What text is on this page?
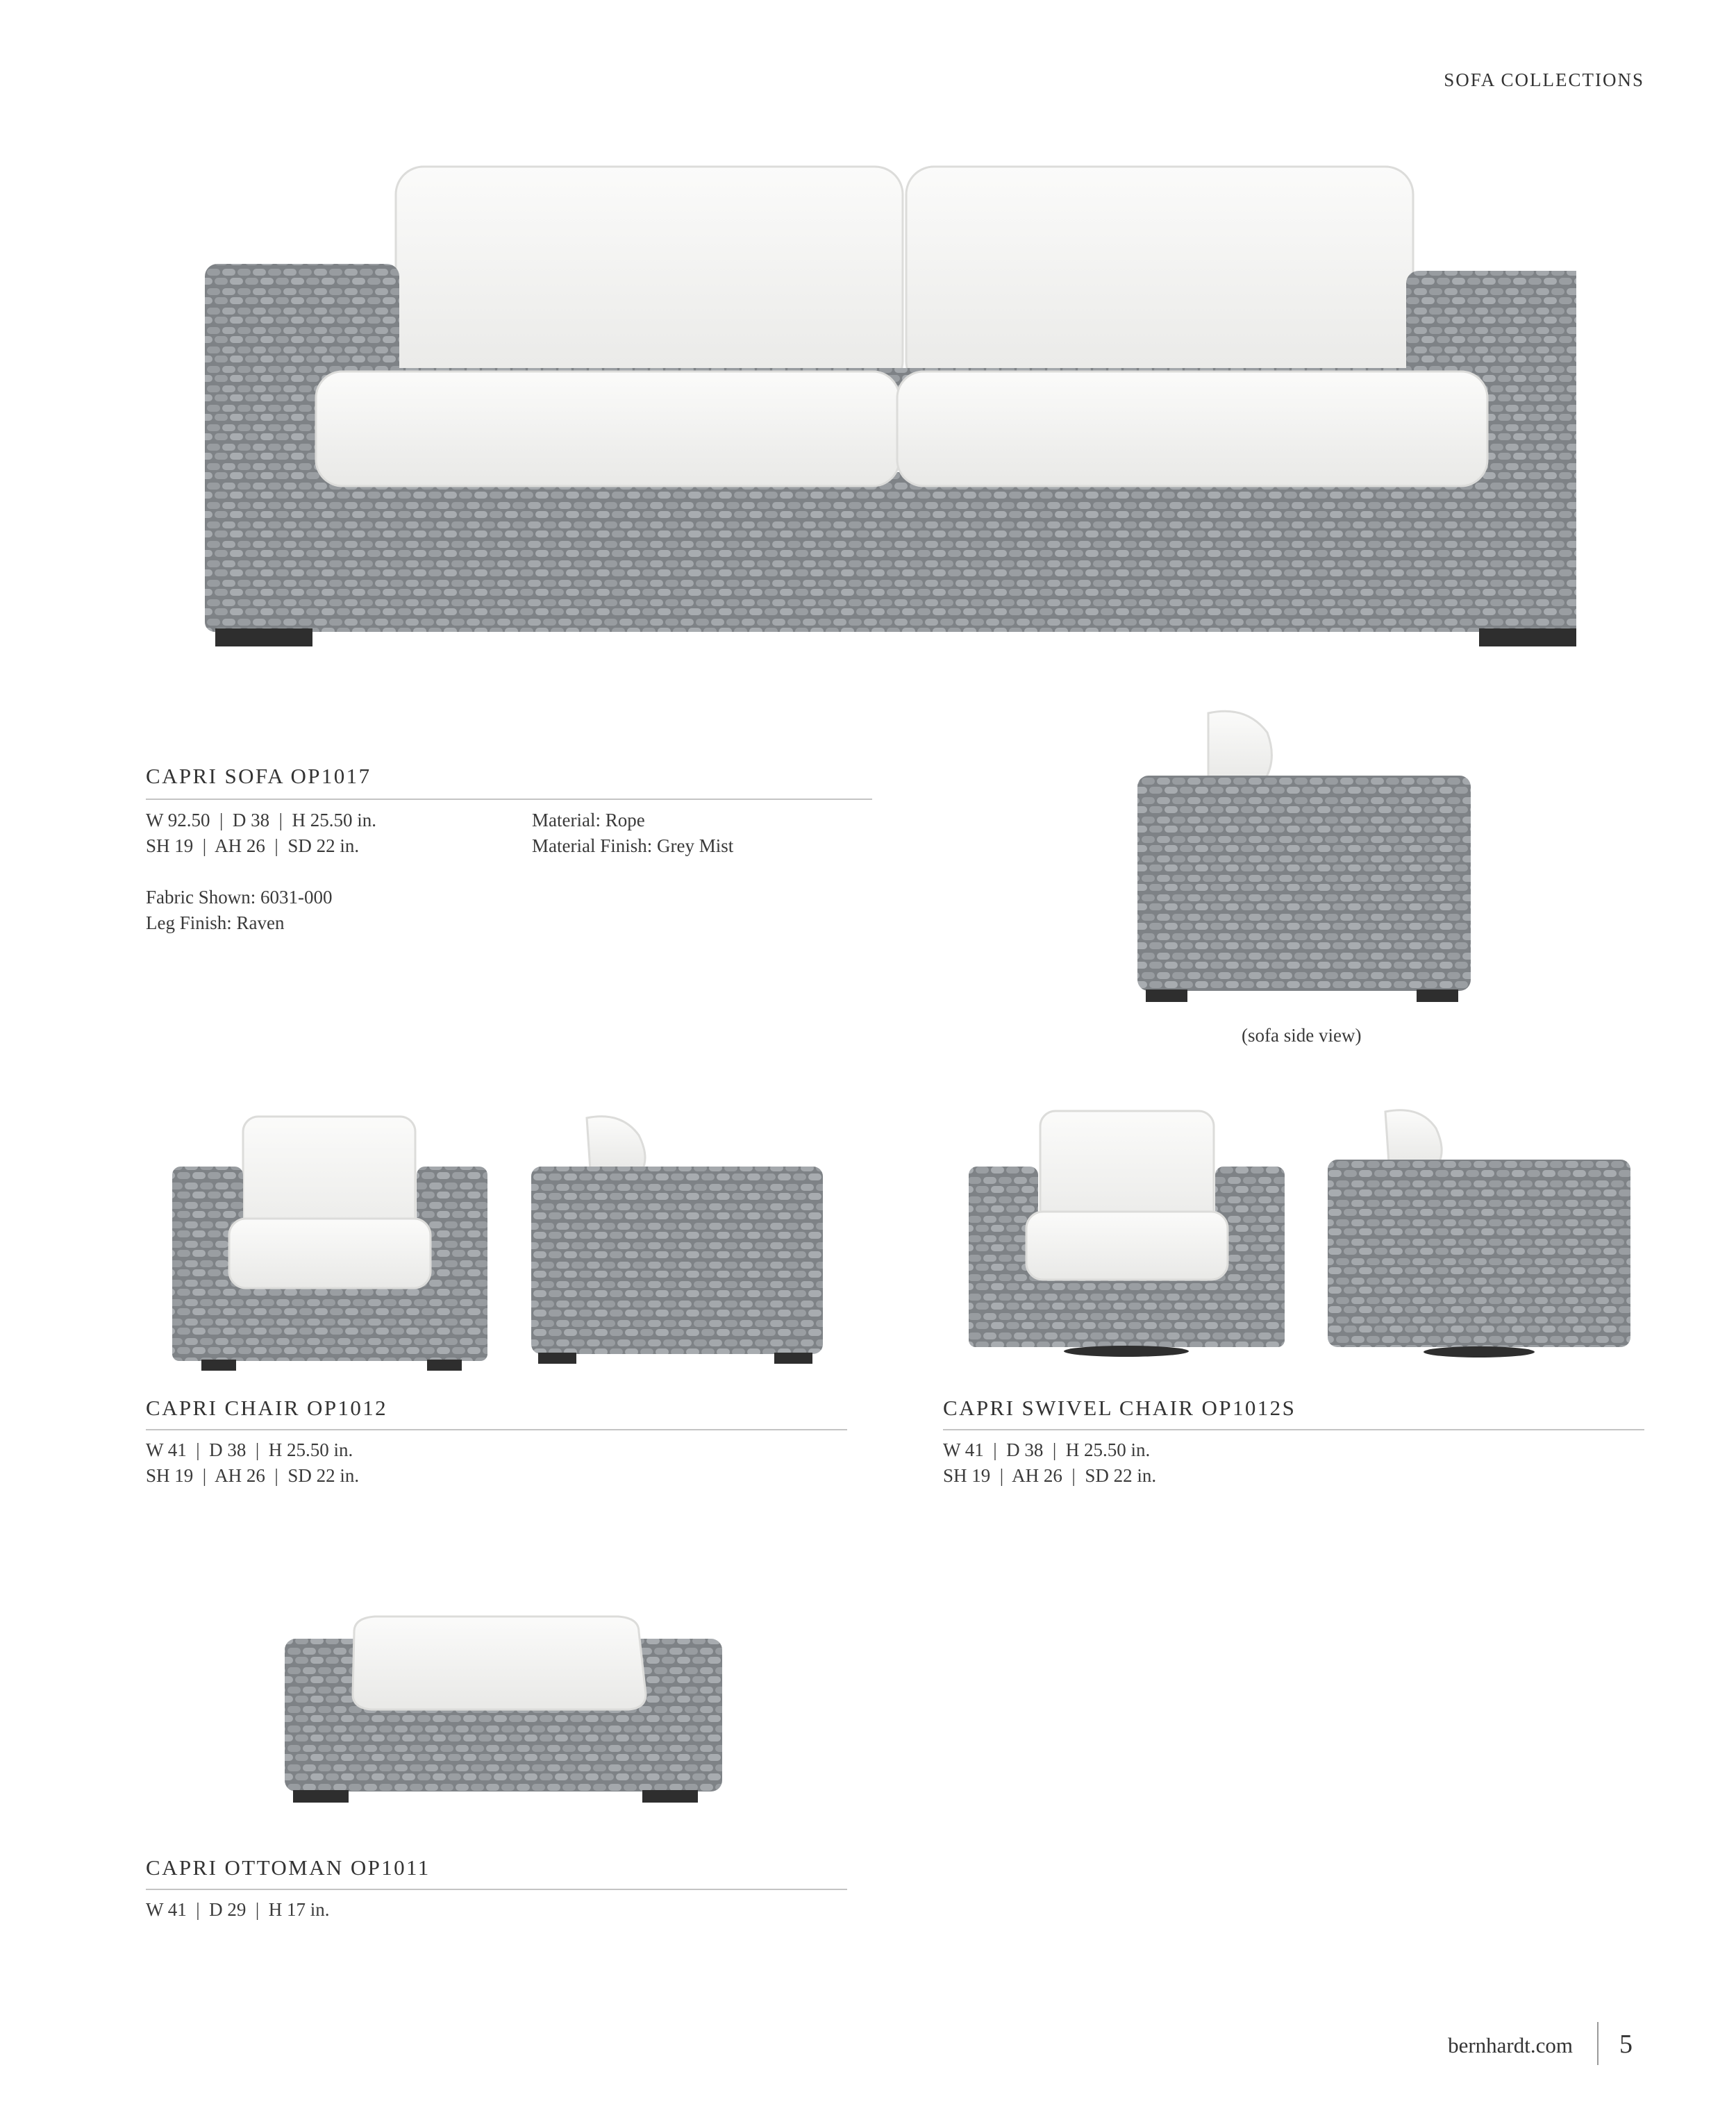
SOFA COLLECTIONS
CAPRI SOFA OP1017
W 92.50  |  D 38  |  H 25.50 in.
SH 19  |  AH 26  |  SD 22 in.
Material: Rope
Material Finish: Grey Mist
Fabric Shown: 6031-000
Leg Finish: Raven
(sofa side view)
CAPRI CHAIR OP1012
W 41  |  D 38  |  H 25.50 in.
SH 19  |  AH 26  |  SD 22 in.
CAPRI SWIVEL CHAIR OP1012S
W 41  |  D 38  |  H 25.50 in.
SH 19  |  AH 26  |  SD 22 in.
CAPRI OTTOMAN OP1011
W 41  |  D 29  |  H 17 in.
bernhardt.com 5
